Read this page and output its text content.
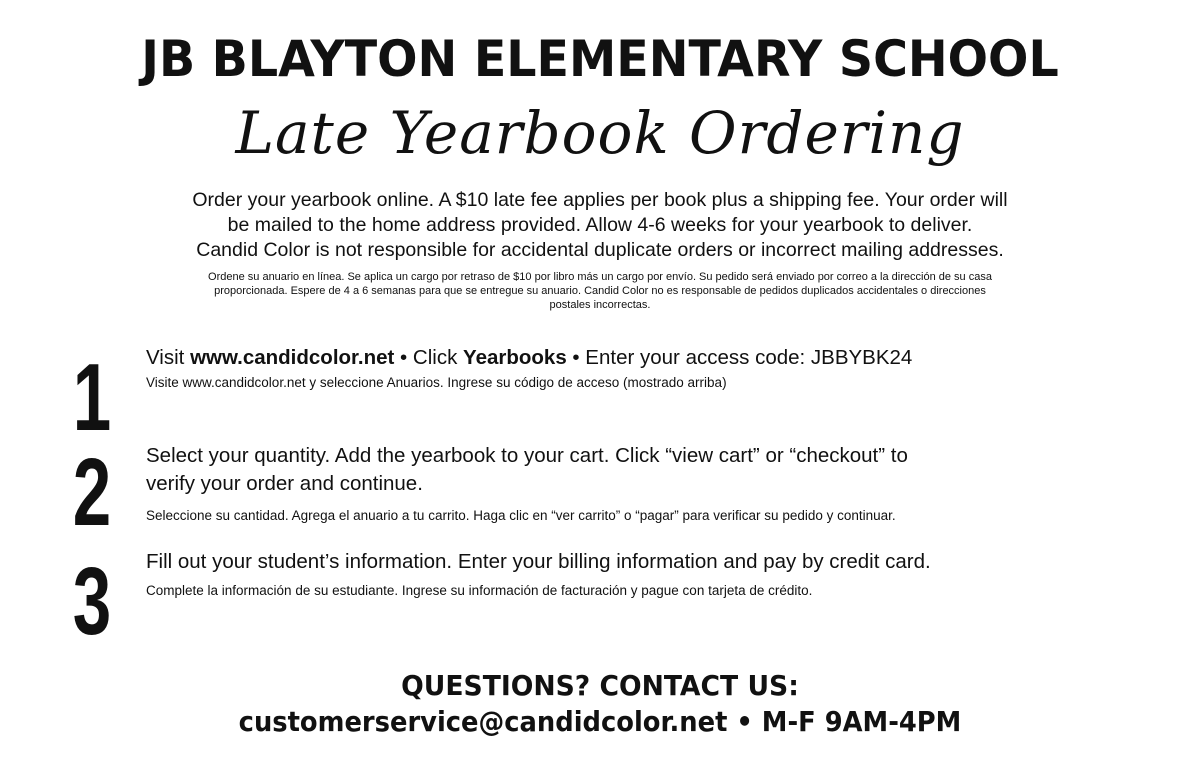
JB BLAYTON ELEMENTARY SCHOOL
Late Yearbook Ordering
Order your yearbook online. A $10 late fee applies per book plus a shipping fee. Your order will
be mailed to the home address provided. Allow 4-6 weeks for your yearbook to deliver.
Candid Color is not responsible for accidental duplicate orders or incorrect mailing addresses.
Ordene su anuario en línea. Se aplica un cargo por retraso de $10 por libro más un cargo por envío. Su pedido será enviado por correo a la dirección de su casa
proporcionada. Espere de 4 a 6 semanas para que se entregue su anuario. Candid Color no es responsable de pedidos duplicados accidentales o direcciones
postales incorrectas.
1 Visit www.candidcolor.net • Click Yearbooks • Enter your access code: JBBYBK24
Visite www.candidcolor.net y seleccione Anuarios. Ingrese su código de acceso (mostrado arriba)
2 Select your quantity. Add the yearbook to your cart. Click “view cart” or “checkout” to
verify your order and continue.
Seleccione su cantidad. Agrega el anuario a tu carrito. Haga clic en “ver carrito” o “pagar” para verificar su pedido y continuar.
3 Fill out your student’s information. Enter your billing information and pay by credit card.
Complete la información de su estudiante. Ingrese su información de facturación y pague con tarjeta de crédito.
QUESTIONS? CONTACT US:
customerservice@candidcolor.net • M-F 9AM-4PM
